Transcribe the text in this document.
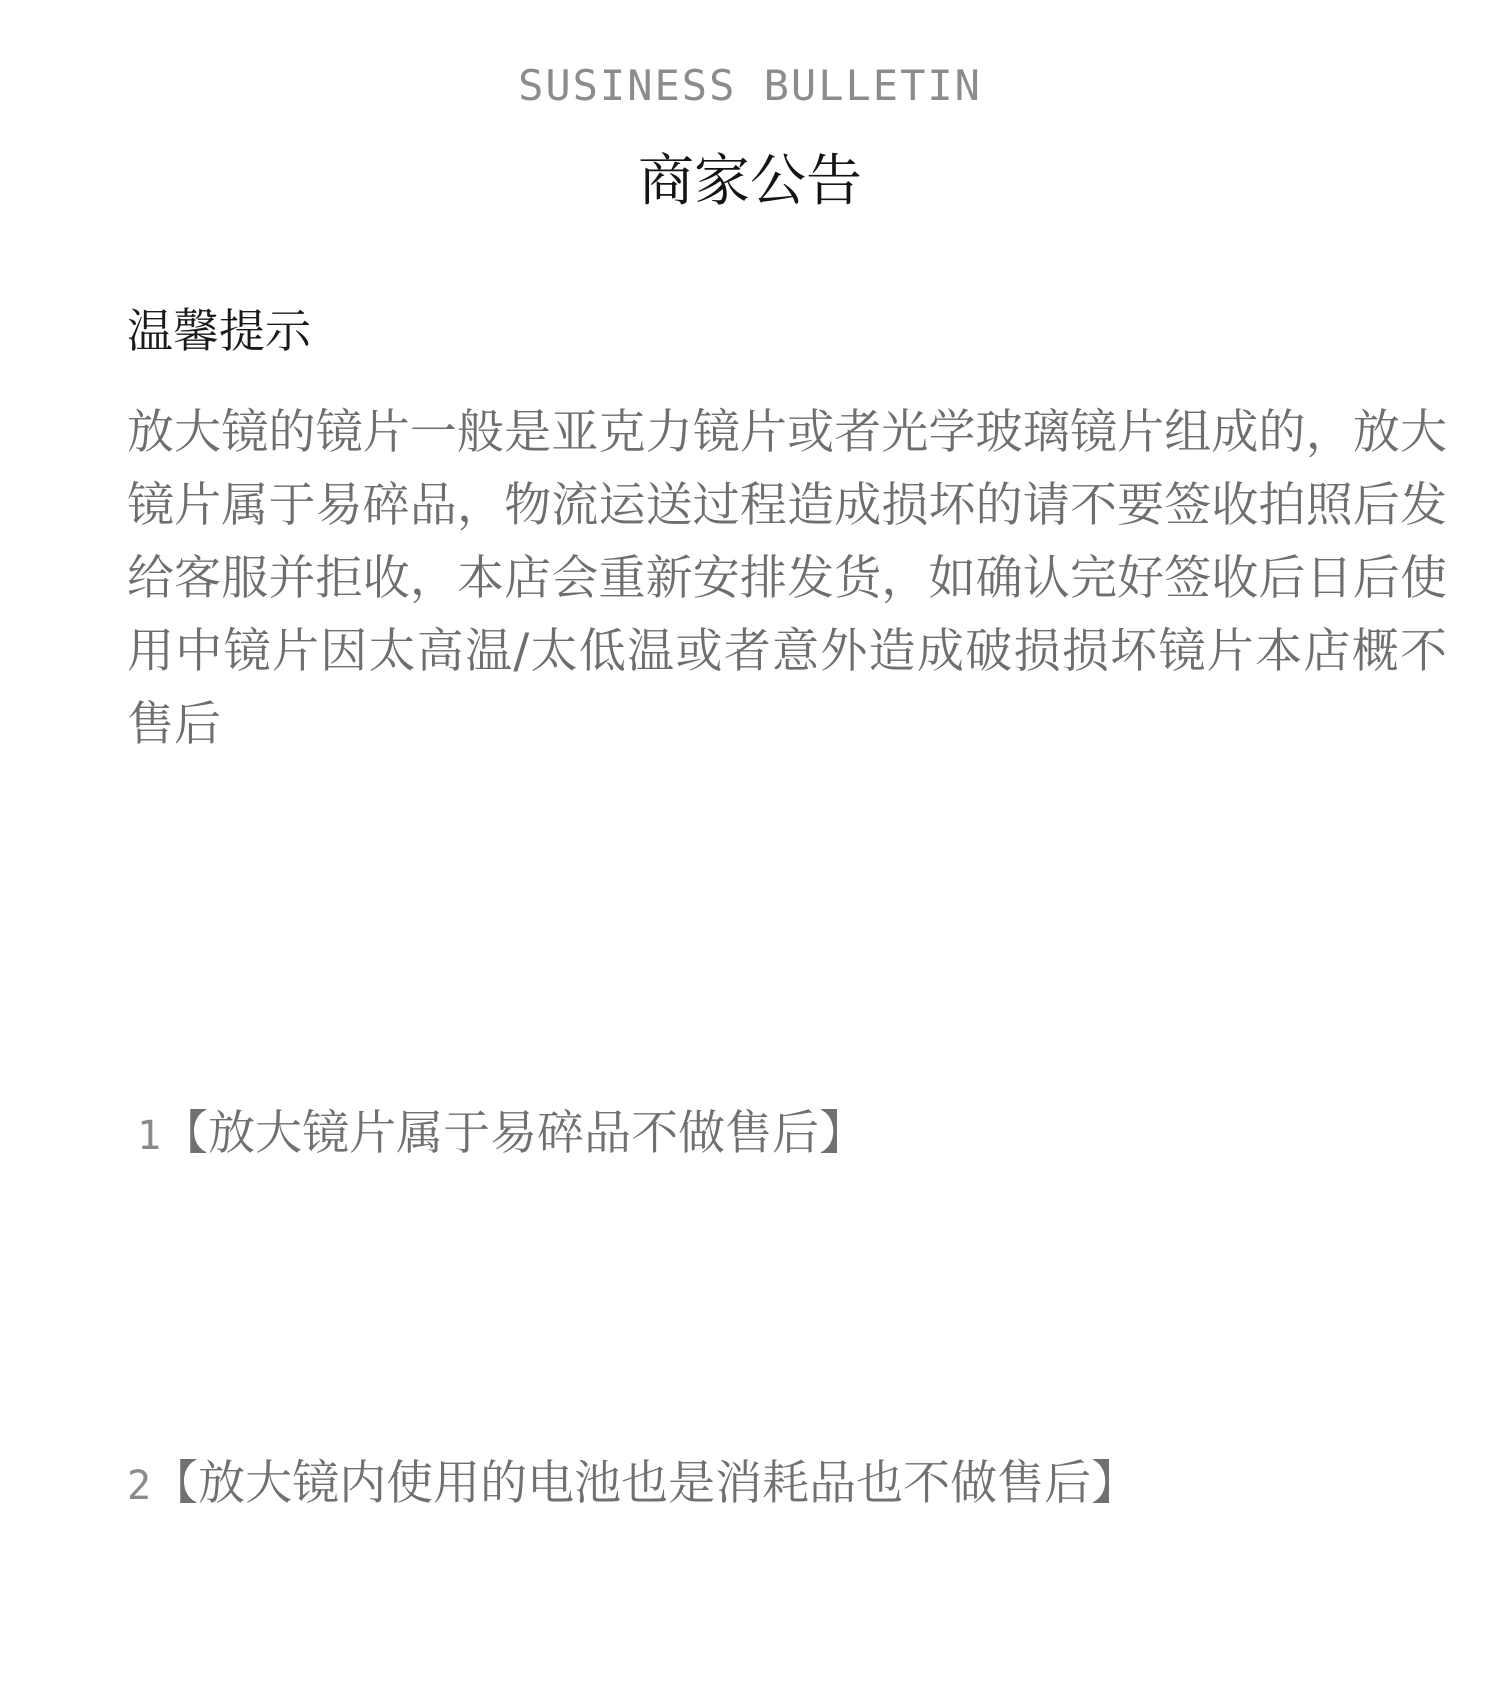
SUSINESS BULLETIN
商家公告
温馨提示
放大镜的镜片一般是亚克力镜片或者光学玻璃镜片组成的，放大镜片属于易碎品，物流运送过程造成损坏的请不要签收拍照后发给客服并拒收，本店会重新安排发货，如确认完好签收后日后使用中镜片因太高温/太低温或者意外造成破损损坏镜片本店概不售后
1【放大镜片属于易碎品不做售后】
2【放大镜内使用的电池也是消耗品也不做售后】
